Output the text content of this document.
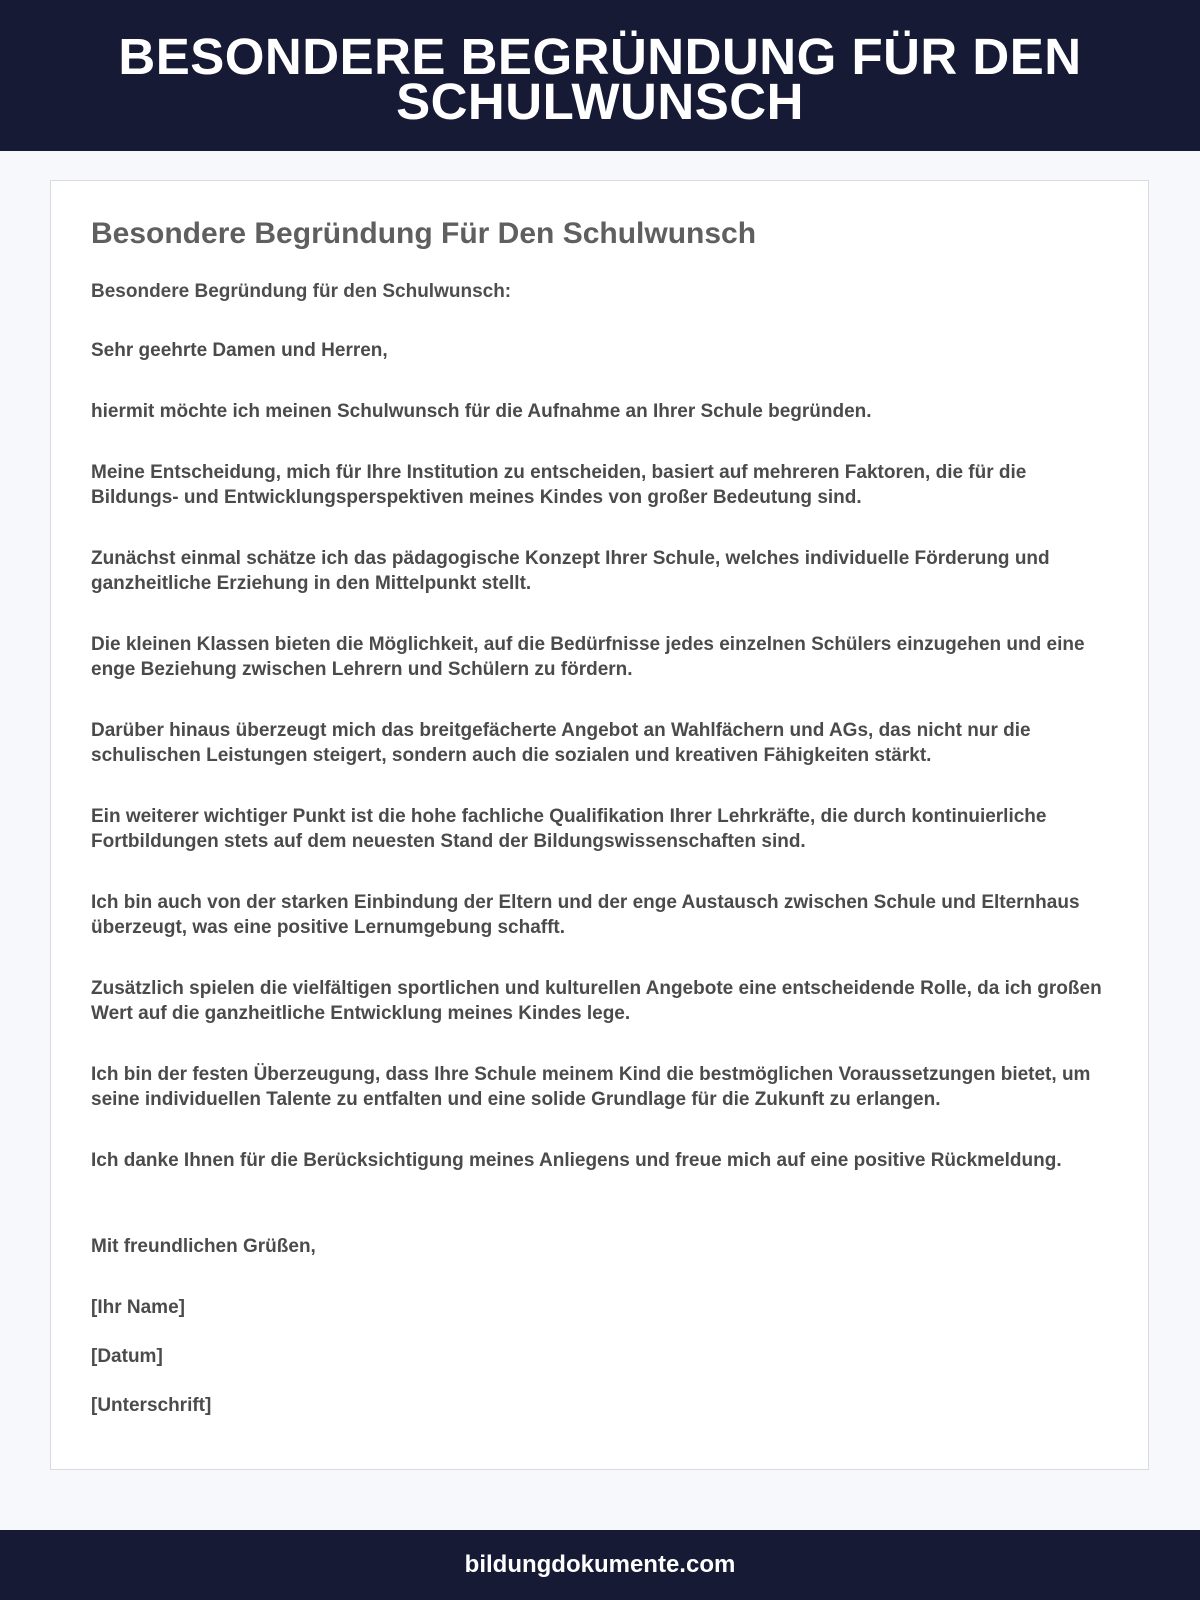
BESONDERE BEGRÜNDUNG FÜR DEN SCHULWUNSCH
Besondere Begründung Für Den Schulwunsch

Besondere Begründung für den Schulwunsch:

Sehr geehrte Damen und Herren,

hiermit möchte ich meinen Schulwunsch für die Aufnahme an Ihrer Schule begründen.

Meine Entscheidung, mich für Ihre Institution zu entscheiden, basiert auf mehreren Faktoren, die für die Bildungs- und Entwicklungsperspektiven meines Kindes von großer Bedeutung sind.

Zunächst einmal schätze ich das pädagogische Konzept Ihrer Schule, welches individuelle Förderung und ganzheitliche Erziehung in den Mittelpunkt stellt.

Die kleinen Klassen bieten die Möglichkeit, auf die Bedürfnisse jedes einzelnen Schülers einzugehen und eine enge Beziehung zwischen Lehrern und Schülern zu fördern.

Darüber hinaus überzeugt mich das breitgefächerte Angebot an Wahlfächern und AGs, das nicht nur die schulischen Leistungen steigert, sondern auch die sozialen und kreativen Fähigkeiten stärkt.

Ein weiterer wichtiger Punkt ist die hohe fachliche Qualifikation Ihrer Lehrkräfte, die durch kontinuierliche Fortbildungen stets auf dem neuesten Stand der Bildungswissenschaften sind.

Ich bin auch von der starken Einbindung der Eltern und der enge Austausch zwischen Schule und Elternhaus überzeugt, was eine positive Lernumgebung schafft.

Zusätzlich spielen die vielfältigen sportlichen und kulturellen Angebote eine entscheidende Rolle, da ich großen Wert auf die ganzheitliche Entwicklung meines Kindes lege.

Ich bin der festen Überzeugung, dass Ihre Schule meinem Kind die bestmöglichen Voraussetzungen bietet, um seine individuellen Talente zu entfalten und eine solide Grundlage für die Zukunft zu erlangen.

Ich danke Ihnen für die Berücksichtigung meines Anliegens und freue mich auf eine positive Rückmeldung.

Mit freundlichen Grüßen,

[Ihr Name]

[Datum]

[Unterschrift]

bildungdokumente.com
